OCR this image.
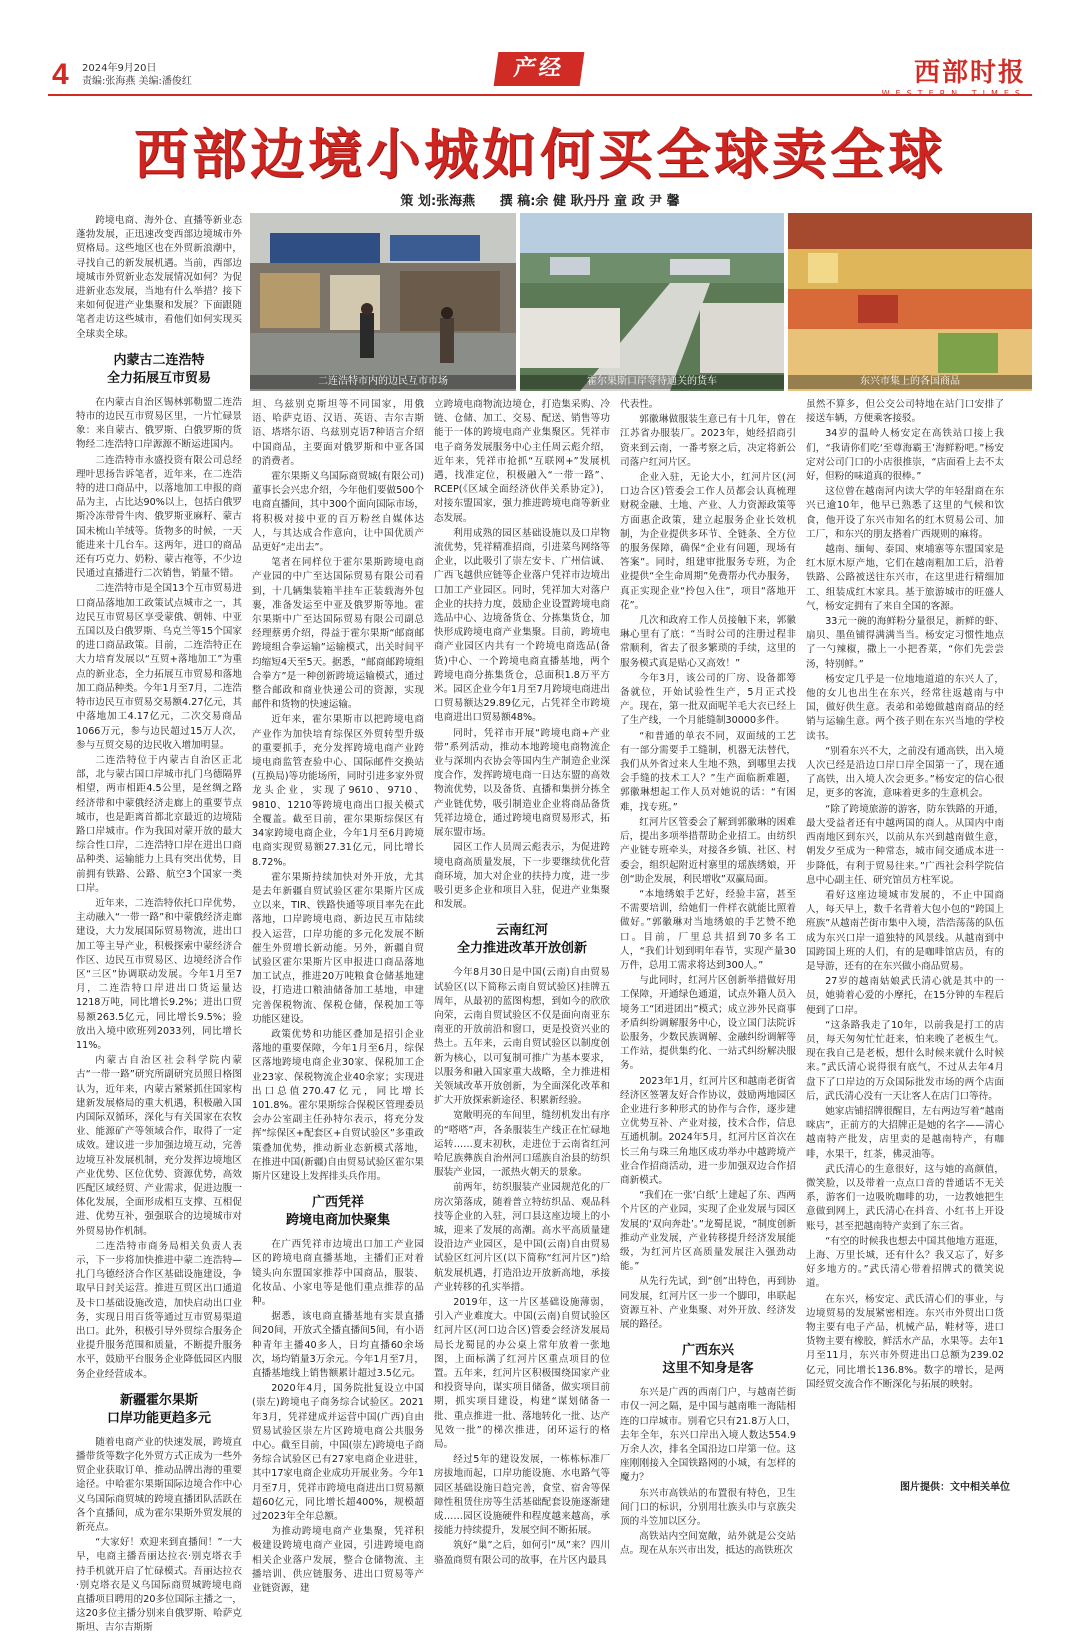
4 2024年9月20日
责编:张海燕 美编:潘俊红
产经	西部时报
西部边境小城如何买全球卖全球
策 划:张海燕 撰 稿:余 健 耿丹丹 童 政 尹 馨
二连浩特市内的边民互市市场	霍尔果斯口岸等待通关的货车	东兴市集上的各国商品

跨境电商、海外仓、直播等新业态蓬勃发展，正迅速改变西部边境城市外贸格局。这些地区也在外贸新浪潮中，寻找自己的新发展机遇。当前，西部边境城市外贸新业态发展情况如何？为促进新业态发展，当地有什么举措？接下来如何促进产业集聚和发展？下面跟随笔者走访这些城市，看他们如何实现买全球卖全球。

内蒙古二连浩特
全力拓展互市贸易

在内蒙古自治区锡林郭勒盟二连浩特市的边民互市贸易区里，一片忙碌景象：来自蒙古、俄罗斯、白俄罗斯的货物经二连浩特口岸源源不断运进国内。

二连浩特市永盛投资有限公司总经理叶思扬告诉笔者，近年来，在二连浩特的进口商品中，以落地加工申报的商品为主，占比达90%以上，包括白俄罗斯冷冻带骨牛肉、俄罗斯亚麻籽、蒙古国未梳山羊绒等。货物多的时候，一天能进来十几台车。这两年，进口的商品还有巧克力、奶粉、蒙古袍等，不少边民通过直播进行二次销售，销量不错。

二连浩特市是全国13个互市贸易进口商品落地加工政策试点城市之一，其边民互市贸易区享受蒙俄、朝韩、中亚五国以及白俄罗斯、乌克兰等15个国家的进口商品政策。目前，二连浩特正在大力培育发展以“互贸+落地加工”为重点的新业态，全力拓展互市贸易和落地加工商品种类。今年1月至7月，二连浩特市边民互市贸易交易额4.27亿元，其中落地加工4.17亿元，二次交易商品1066万元，参与边民超过15万人次，参与互贸交易的边民收入增加明显。

二连浩特位于内蒙古自治区正北部，北与蒙古国口岸城市扎门乌德隔界相望，两市相距4.5公里，是丝绸之路经济带和中蒙俄经济走廊上的重要节点城市，也是距离首都北京最近的边境陆路口岸城市。作为我国对蒙开放的最大综合性口岸，二连浩特口岸在进出口商品种类、运输能力上具有突出优势，目前拥有铁路、公路、航空3个国家一类口岸。

近年来，二连浩特依托口岸优势，主动融入“一带一路”和中蒙俄经济走廊建设，大力发展国际贸易物流，进出口加工等主导产业，积极探索中蒙经济合作区、边民互市贸易区、边境经济合作区“三区”协调联动发展。今年1月至7月，二连浩特口岸进出口货运量达1218万吨，同比增长9.2%；进出口贸易额263.5亿元，同比增长9.5%；验放出入境中欧班列2033列，同比增长11%。

内蒙古自治区社会科学院内蒙古“一带一路”研究所副研究员照日格图认为，近年来，内蒙古紧紧抓住国家构建新发展格局的重大机遇，积极融入国内国际双循环，深化与有关国家在农牧业、能源矿产等领域合作，取得了一定成效。建议进一步加强边境互动，完善边境互补发展机制，充分发挥边境地区产业优势、区位优势、资源优势，高效匹配区域经贸、产业需求，促进边腹一体化发展，全面形成相互支撑、互相促进、优势互补，强强联合的边境城市对外贸易协作机制。

二连浩特市商务局相关负责人表示，下一步将加快推进中蒙二连浩特—扎门乌德经济合作区基础设施建设，争取早日封关运营。推进互贸区出口通道及卡口基础设施改造，加快启动出口业务，实现日用百货等通过互市贸易渠道出口。此外，积极引导外贸综合服务企业提升服务范围和质量，不断提升服务水平，鼓励平台服务企业降低园区内服务企业经营成本。

新疆霍尔果斯
口岸功能更趋多元

随着电商产业的快速发展，跨境直播带货等数字化外贸方式正成为一些外贸企业获取订单、推动品牌出海的重要途径。中哈霍尔果斯国际边境合作中心义乌国际商贸城的跨境直播团队活跃在各个直播间，成为霍尔果斯外贸发展的新亮点。

“大家好！欢迎来到直播间！”一大早，电商主播吾丽达拉衣·别克塔衣手持手机就开启了忙碌模式。吾丽达拉衣·别克塔衣是义乌国际商贸城跨境电商直播项目聘用的20多位国际主播之一，这20多位主播分别来自俄罗斯、哈萨克斯坦、吉尔吉斯斯

坦、乌兹别克斯坦等不同国家，用俄语、哈萨克语、汉语、英语、吉尔吉斯语、塔塔尔语、乌兹别克语7种语言介绍中国商品，主要面对俄罗斯和中亚各国的消费者。

霍尔果斯义乌国际商贸城(有限公司)董事长会兴忠介绍，今年他们要做500个电商直播间，其中300个面向国际市场，将积极对接中亚的百万粉丝自媒体达人，与其达成合作意向，让中国优质产品更好“走出去”。

笔者在同样位于霍尔果斯跨境电商产业园的中广至达国际贸易有限公司看到，十几辆集装箱半挂车正装载海外包裹，准备发运至中亚及俄罗斯等地。霍尔果斯中广至达国际贸易有限公司副总经理蔡勇介绍，得益于霍尔果斯“邮商邮跨境组合拳运输”运输模式，出关时间平均缩短4天至5天。据悉，“邮商邮跨境组合拳方”是一种创新跨境运输模式，通过整合邮政和商业快递公司的资源，实现邮件和货物的快速运输。

近年来，霍尔果斯市以把跨境电商产业作为加快培育综保区外贸转型升级的重要抓手，充分发挥跨境电商产业跨境电商监管查验中心、国际邮件交换站(互换局)等功能场所，同时引进多家外贸龙头企业，实现了9610、9710、9810、1210等跨境电商出口报关模式全覆盖。截至目前，霍尔果斯综保区有34家跨境电商企业，今年1月至6月跨境电商实现贸易额27.31亿元，同比增长8.72%。

霍尔果斯持续加快对外开放，尤其是去年新疆自贸试验区霍尔果斯片区成立以来，TIR、铁路快通等项目率先在此落地，口岸跨境电商、新边民互市陆续投入运营，口岸功能的多元化发展不断催生外贸增长新动能。另外，新疆自贸试验区霍尔果斯片区申报进口商品落地加工试点，推进20万吨粮食仓储基地建设，打造进口粮油储备加工基地，申建完善保税物流、保税仓储，保税加工等功能区建设。

政策优势和功能区叠加是招引企业落地的重要保障，今年1月至6月，综保区落地跨境电商企业30家、保税加工企业23家、保税物流企业40余家；实现进出口总值270.47亿元，同比增长101.8%。霍尔果斯综合保税区管理委员会办公室副主任孙特尔表示，将充分发挥“综保区+配套区+自贸试验区”多重政策叠加优势，推动新业态新模式落地，在推进中国(新疆)自由贸易试验区霍尔果斯片区建设上发挥排头兵作用。

广西凭祥
跨境电商加快聚集

在广西凭祥市边境出口加工产业园区的跨境电商直播基地，主播们正对着镜头向东盟国家推荐中国商品，服装、化妆品、小家电等是他们重点推荐的品种。

据悉，该电商直播基地有实景直播间20间，开放式全播直播间5间，有小语种青年主播40多人，日均直播60余场次，场均销量3万余元。今年1月至7月，直播基地线上销售额累计超过3.5亿元。

2020年4月，国务院批复设立中国(崇左)跨境电子商务综合试验区。2021年3月，凭祥建成并运营中国(广西)自由贸易试验区崇左片区跨境电商公共服务中心。截至目前，中国(崇左)跨境电子商务综合试验区已有27家电商企业进驻，其中17家电商企业成功开展业务。今年1月至7月，凭祥市跨境电商进出口贸易额超60亿元，同比增长超400%，规模超过2023年全年总额。

为推动跨境电商产业集聚，凭祥积极建设跨境电商产业园，引进跨境电商相关企业落户发展，整合仓储物流、主播培训、供应链服务、进出口贸易等产业链资源，建

立跨境电商物流边境仓，打造集采购、冷链、仓储、加工、交易、配送、销售等功能于一体的跨境电商产业集聚区。凭祥市电子商务发展服务中心主任周云彪介绍，近年来，凭祥市抢抓“互联网+”发展机遇，找准定位，积极融入“一带一路”、RCEP(《区域全面经济伙伴关系协定》)，对接东盟国家，强力推进跨境电商等新业态发展。

利用成熟的园区基础设施以及口岸物流优势，凭祥精准招商，引进菜鸟网络等企业，以此吸引了崇左安卡、广州信诚、广西飞越供应链等企业落户凭祥市边境出口加工产业园区。同时，凭祥加大对落户企业的扶持力度，鼓励企业设置跨境电商选品中心、边境备货仓、分拣集货仓，加快形成跨境电商产业集聚。目前，跨境电商产业园区内共有一个跨境电商选品(备货)中心、一个跨境电商直播基地，两个跨境电商分拣集货仓，总面积1.8万平方米。园区企业今年1月至7月跨境电商进出口贸易额达29.89亿元，占凭祥全市跨境电商进出口贸易额48%。

同时，凭祥市开展“跨境电商+产业带”系列活动，推动本地跨境电商物流企业与深圳内衣协会等国内生产制造企业深度合作，发挥跨境电商一日达东盟的高效物流优势，以及备货、直播和集拼分拣全产业链优势，吸引制造业企业将商品备货凭祥边境仓，通过跨境电商贸易形式，拓展东盟市场。

园区工作人员周云彪表示，为促进跨境电商高质量发展，下一步要继续优化营商环境，加大对企业的扶持力度，进一步吸引更多企业和项目入驻，促进产业集聚和发展。

云南红河
全力推进改革开放创新

今年8月30日是中国(云南)自由贸易试验区(以下简称云南自贸试验区)挂牌五周年，从最初的蓝图构想，到如今的欣欣向荣，云南自贸试验区不仅是面向南亚东南亚的开放前沿和窗口，更是投资兴业的热土。五年来，云南自贸试验区以制度创新为核心，以可复制可推广为基本要求，以服务和融入国家重大战略，全力推进相关领域改革开放创新，为全面深化改革和扩大开放探索新途径、积累新经验。

宽敞明亮的车间里，缝纫机发出有序的“嗒嗒”声，各条服装生产线正在忙碌地运转……夏末初秋，走进位于云南省红河哈尼族彝族自治州河口瑶族自治县的纺织服装产业园，一派热火朝天的景象。

前两年，纺织服装产业园规范化的厂房次第落成，随着普立特纺织品、观品科技等企业的入驻，河口县这座边境上的小城，迎来了发展的高潮。高水平高质量建设沿边产业园区，是中国(云南)自由贸易试验区红河片区(以下简称“红河片区”)给航发展机遇，打造沿边开放新高地，承接产业转移的孔实举措。

2019年，这一片区基础设施薄弱，引入产业难度大。中国(云南)自贸试验区红河片区(河口边合区)管委会经济发展局局长龙蜀昆的办公桌上常年放着一张地图，上面标满了红河片区重点项目的位置。五年来，红河片区积极围绕国家产业和投资导向，谋实项目储备，做实项目前期，抓实项目建设，构建“谋划储备一批、重点推进一批、落地转化一批、达产见效一批”的梯次推进，闭环运行的格局。

经过5年的建设发展，一栋栋标准厂房拔地而起，口岸功能设施、水电路气等园区基础设施日趋完善，食堂、宿舍等保障性租赁住房等生活基础配套设施逐渐建成……园区设施硬件和程度越来越高，承接能力持续提升，发展空间不断拓展。

筑好“巢”之后，如何引“凤”来？四川骆盈商贸有限公司的故事，在片区内最具

代表性。

郭徽琳做服装生意已有十几年，曾在江苏省办服装厂。2023年，她经招商引资来到云南，一番考察之后，决定将新公司落户红河片区。

企业入驻，无论大小，红河片区(河口边合区)管委会工作人员都会认真梳理财税金融、土地、产业、人力资源政策等方面惠企政策，建立起服务企业长效机制，为企业提供多环节、全链条、全方位的服务保障，确保“企业有问题，现场有答案”。同时，组建审批服务专班，为企业提供“全生命周期”免费帮办代办服务，真正实现企业“拎包入住”，项目“落地开花”。

几次和政府工作人员接触下来，郭徽琳心里有了底：“当时公司的注册过程非常顺利，省去了很多繁琐的手续，这里的服务模式真是贴心又高效！”

今年3月，该公司的厂房、设备都筹备就位，开始试验性生产，5月正式投产。现在，第一批双面呢羊毛大衣已经上了生产线，一个月能缝制30000多件。

“和普通的单衣不同，双面绒的工艺有一部分需要手工缝制，机器无法替代，我们从外省过来人生地不熟，到哪里去找会手缝的技术工人？”生产面临新难题，郭徽琳想起工作人员对她说的话：“有困难，找专班。”

红河片区管委会了解到郭徽琳的困难后，提出多项举措帮助企业招工。由纺织产业链专班牵头，对接各乡镇、社区、村委会，组织起附近村寨里的瑶族绣娘，开创“助企发展，利民增收”双赢局面。

“本地绣娘手艺好，经验丰富，甚至不需要培训，给她们一件样衣就能比照着做好。”郭徽琳对当地绣娘的手艺赞不绝口。目前，厂里总共招到70多名工人，“我们计划到明年春节，实现产量30万件，总用工需求将达到300人。”

与此同时，红河片区创新举措做好用工保障，开通绿色通道，试点外籍人员入境务工“团进团出”模式；成立涉外民商事矛盾纠纷调解服务中心，设立国门法院诉讼服务，少数民族调解、金融纠纷调解等工作站，提供集约化、一站式纠纷解决服务。

2023年1月，红河片区和越南老街省经济区签署友好合作协议，鼓励两地园区企业进行多种形式的协作与合作，逐步建立优势互补、产业对接，技术合作，信息互通机制。2024年5月，红河片区首次在长三角与珠三角地区成功举办中越跨境产业合作招商活动，进一步加强双边合作招商新模式。

“我们在一张‘白纸’上建起了东、西两个片区的产业园，实现了企业发展与园区发展的‘双向奔赴’。”龙蜀昆说，“制度创新推动产业发展，产业转移提升经济发展能级，为红河片区高质量发展注入强劲动能。”

从先行先试，到“创”出特色，再到协同发展，红河片区一步一个脚印，串联起资源互补、产业集聚、对外开放、经济发展的路径。

广西东兴
这里不知身是客

东兴是广西的西南门户，与越南芒街市仅一河之隔，是中国与越南唯一海陆相连的口岸城市。别看它只有21.8万人口，去年全年，东兴口岸出入境人数达554.9万余人次，排名全国沿边口岸第一位。这座刚刚接入全国铁路网的小城，有怎样的魔力？

东兴市高铁站的布置很有特色，卫生间门口的标识，分别用壮族头巾与京族尖顶的斗笠加以区分。

高铁站内空间宽敞，站外就是公交站点。现在从东兴市出发，抵达的高铁班次

虽然不算多，但公交公司特地在站门口安排了接送车辆，方便乘客接驳。

34岁的温岭人杨安定在高铁站口接上我们，“我请你们吃‘至尊海霸王’海鲜粉吧。”杨安定对公司门口的小店很推崇，“店面看上去不太好，但粉的味道真的很棒。”

这位曾在越南河内读大学的年轻甜商在东兴已逾10年，他早已熟悉了这里的气候和饮食，他开设了东兴市知名的红木贸易公司、加工厂，和东兴的朋友搭着广西规则的麻将。

越南、缅甸、泰国、柬埔寨等东盟国家是红木原木原产地，它们在越南粗加工后，沿着铁路、公路被送往东兴市，在这里进行精细加工、组装成红木家具。基于旅游城市的旺盛人气，杨安定拥有了来自全国的客源。

33元一碗的海鲜粉分量很足，新鲜的虾、扇贝、墨鱼铺得满满当当。杨安定习惯性地点了一勺辣椒，撒上一小把香菜，“你们先尝尝汤，特别鲜。”

杨安定几乎是一位地地道道的东兴人了，他的女儿也出生在东兴，经常往返越南与中国，做好供生意。表弟和弟媳做越南商品的经销与运输生意。两个孩子则在东兴当地的学校读书。

“别看东兴不大，之前没有通高铁，出入境人次已经是沿边口岸口岸全国第一了，现在通了高铁，出入境人次会更多。”杨安定的信心很足，更多的客流，意味着更多的生意机会。

“除了跨境旅游的游客，防东铁路的开通，最大受益者还有中越两国的商人。从国内中南西南地区到东兴，以前从东兴到越南做生意，朝发夕至成为一种常态，城市间交通成本进一步降低，有利于贸易往来。”广西社会科学院信息中心副主任、研究馆员方柱军说。

看好这座边境城市发展的，不止中国商人，每天早上，数千名背着大包小包的“跨国上班族”从越南芒街市集中入境，浩浩荡荡的队伍成为东兴口岸一道独特的风景线。从越南到中国跨国上班的人们，有的是咖啡馆店员，有的是导游，还有的在东兴做小商品贸易。

27岁的越南姑娘武氏清心就是其中的一员，她骑着心爱的小摩托，在15分钟的车程后便到了口岸。

“这条路我走了10年，以前我是打工的店员，每天匆匆忙忙赶来，怕来晚了老板生气。现在我自己是老板，想什么时候来就什么时候来。”武氏清心说得很有底气，不过从去年4月盘下了口岸边的万众国际批发市场的两个店面后，武氏清心没有一天让客人在店门口等待。

她家店铺招牌很醒目，左右两边写着“越南咪店”，正前方的大招牌正是她的名字——清心越南特产批发，店里卖的是越南特产，有咖啡，水果干，红茶，佛灵油等。

武氏清心的生意很好，这与她的高颜值，微笑脸，以及带着一点点口音的普通话不无关系，游客们一边吸吮咖啡的功，一边教她把生意做到网上，武氏清心在抖音、小红书上开设账号，甚至把越南特产卖到了东三省。

“有空的时候我也想去中国其他地方逛逛，上海、万里长城，还有什么？我又忘了，好多好多地方的。”武氏清心带着招牌式的微笑说道。

在东兴，杨安定、武氏清心们的事业，与边境贸易的发展紧密相连。东兴市外贸出口货物主要有电子产品，机械产品，鞋材等，进口货物主要有橡胶，鲜活水产品，水果等。去年1月至11月，东兴市外贸进出口总额为239.02亿元，同比增长136.8%。数字的增长，是两国经贸交流合作不断深化与拓展的映射。

图片提供：文中相关单位
